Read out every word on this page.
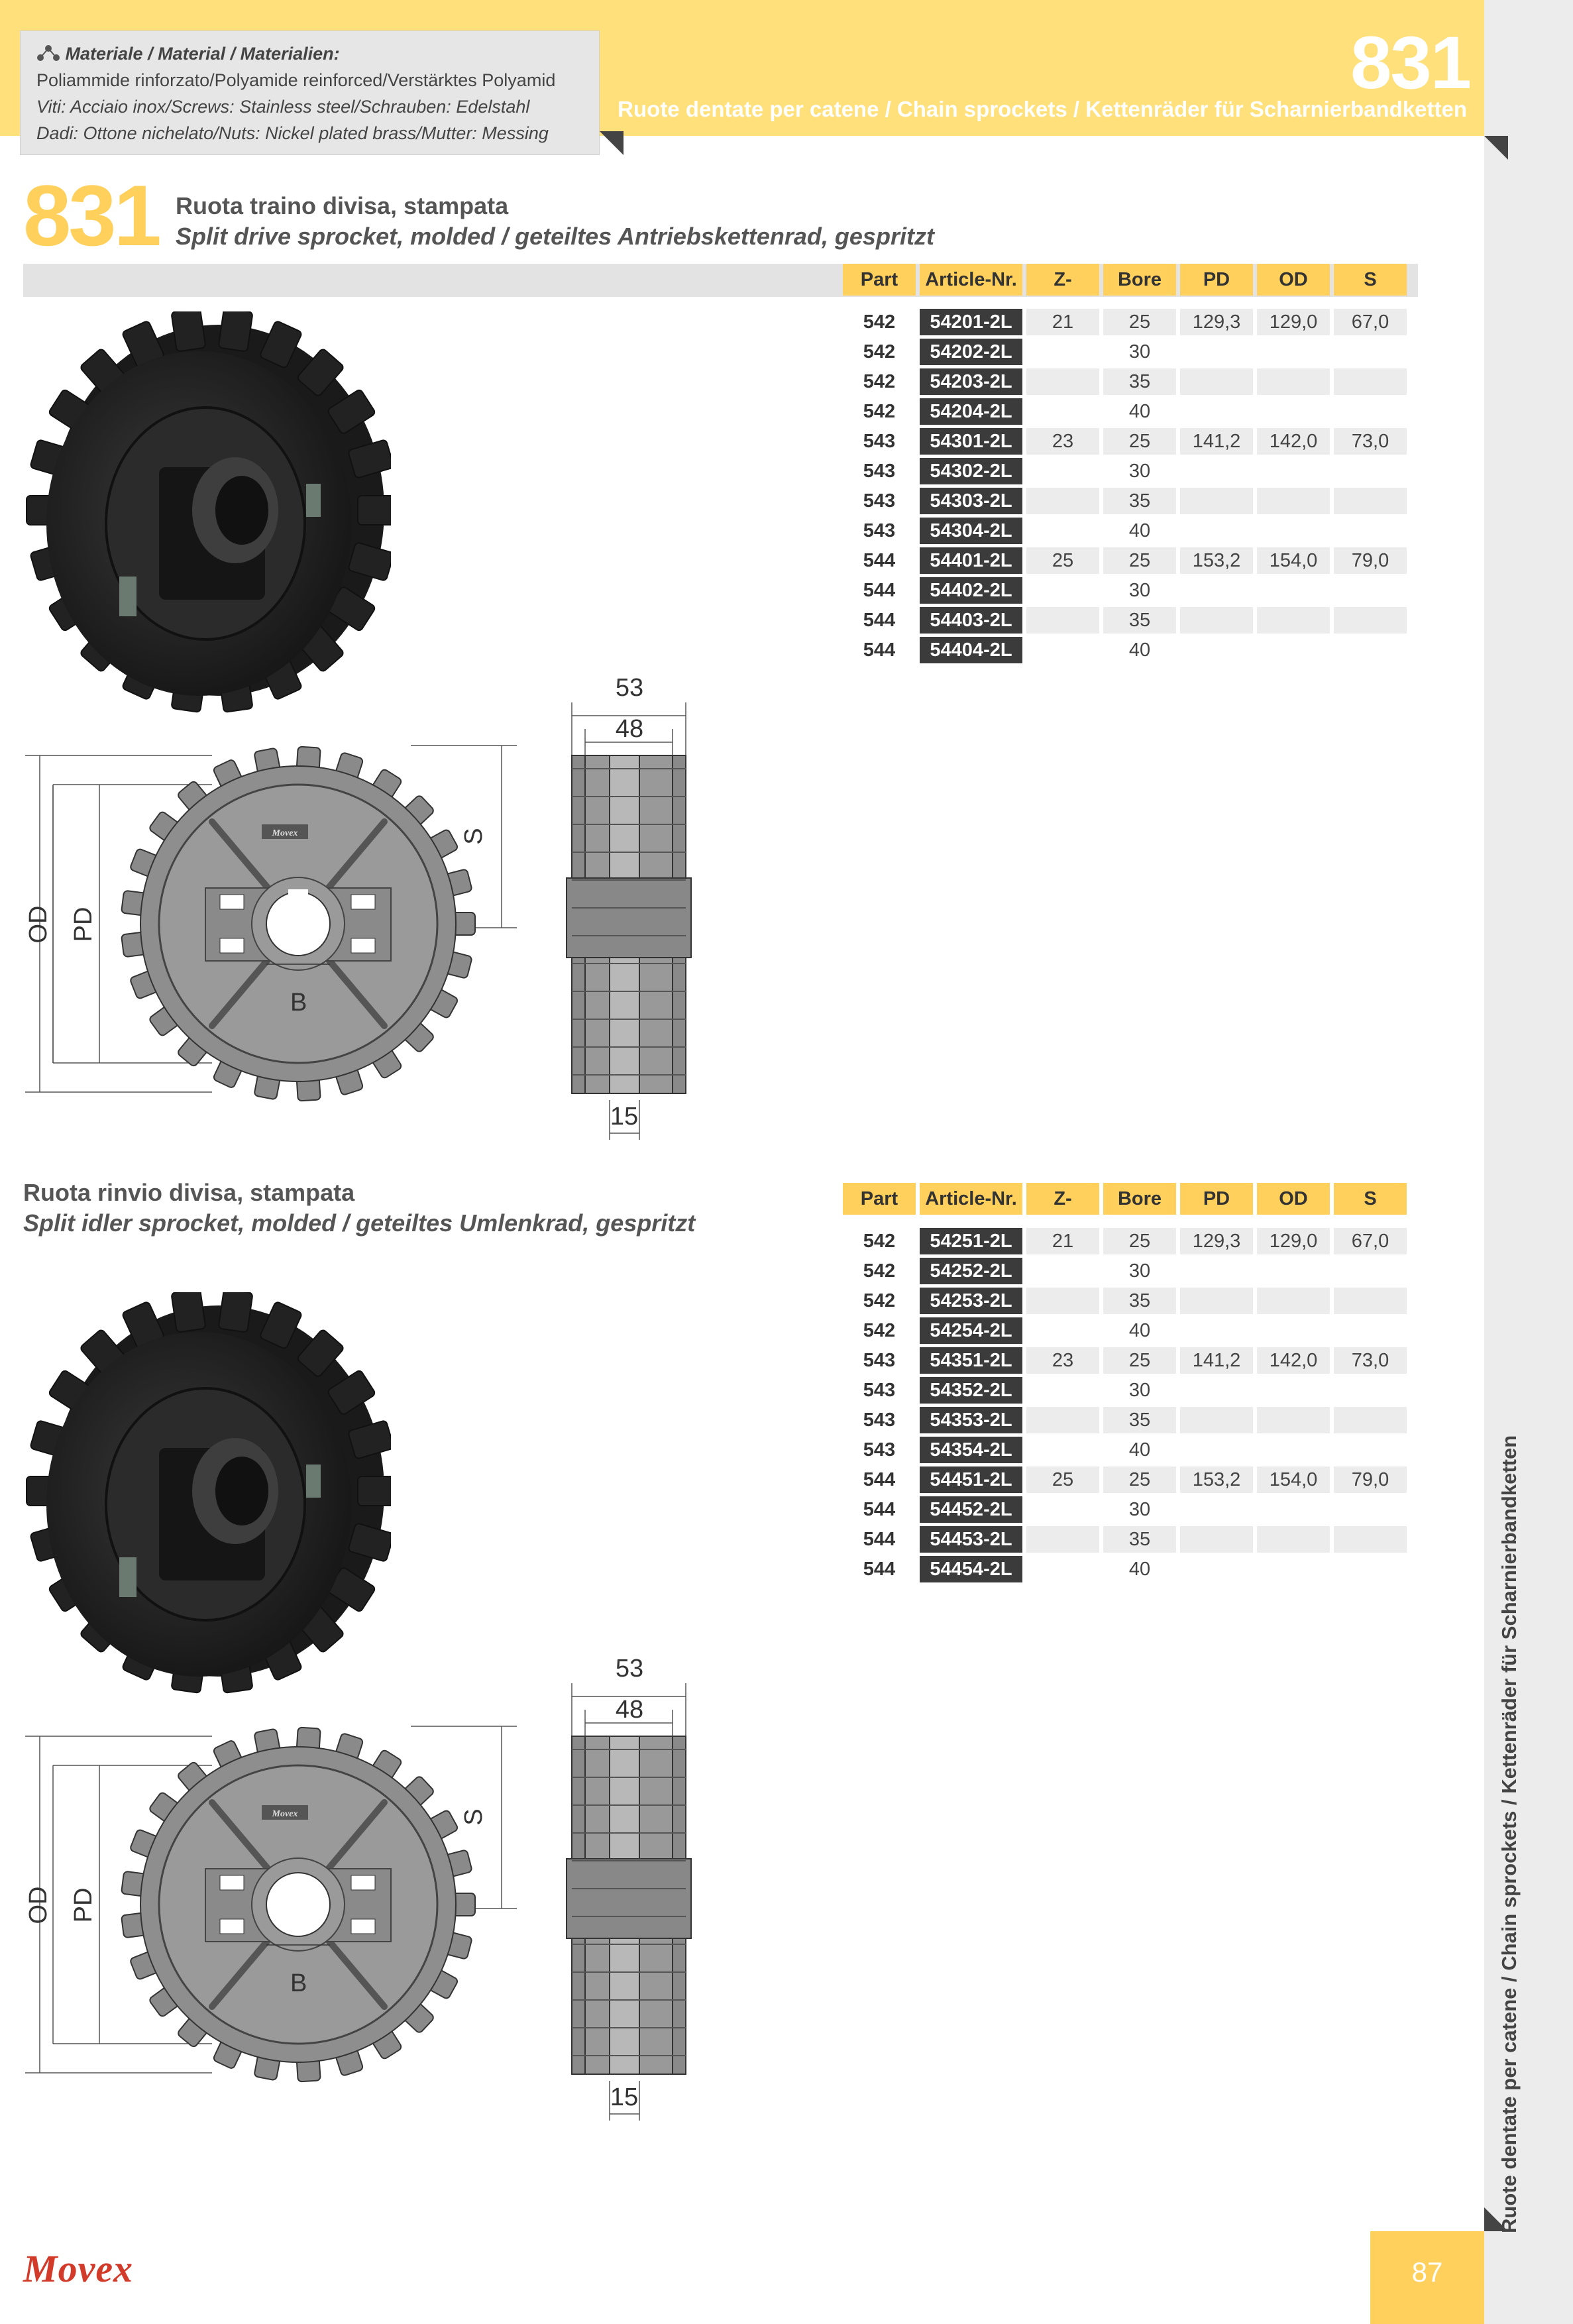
Materiale / Material / Materialien:
Poliammide rinforzato/Polyamide reinforced/Verstärktes Polyamid
Viti: Acciaio inox/Screws: Stainless steel/Schrauben: Edelstahl
Dadi: Ottone nichelato/Nuts: Nickel plated brass/Mutter: Messing
831
Ruote dentate per catene / Chain sprockets / Kettenräder für Scharnierbandketten
831 Ruota traino divisa, stampata
Split drive sprocket, molded / geteiltes Antriebskettenrad, gespritzt
Part	Article-Nr.	Z-	Bore	PD	OD	S

542	54201-2L	21	25	129,3	129,0	67,0
542	54202-2L		30			
542	54203-2L		35			
542	54204-2L		40			
543	54301-2L	23	25	141,2	142,0	73,0
543	54302-2L		30			
543	54303-2L		35			
543	54304-2L		40			
544	54401-2L	25	25	153,2	154,0	79,0
544	54402-2L		30			
544	54403-2L		35			
544	54404-2L		40			
OD PD
S
53
48
15
Movex
B
Ruota rinvio divisa, stampata
Split idler sprocket, molded / geteiltes Umlenkrad, gespritzt
Part	Article-Nr.	Z-	Bore	PD	OD	S

542	54251-2L	21	25	129,3	129,0	67,0
542	54252-2L		30			
542	54253-2L		35			
542	54254-2L		40			
543	54351-2L	23	25	141,2	142,0	73,0
543	54352-2L		30			
543	54353-2L		35			
543	54354-2L		40			
544	54451-2L	25	25	153,2	154,0	79,0
544	54452-2L		30			
544	54453-2L		35			
544	54454-2L		40			
OD PD
S
53
48
15
Movex
B
Movex	87
Ruote dentate per catene / Chain sprockets / Kettenräder für Scharnierbandketten
